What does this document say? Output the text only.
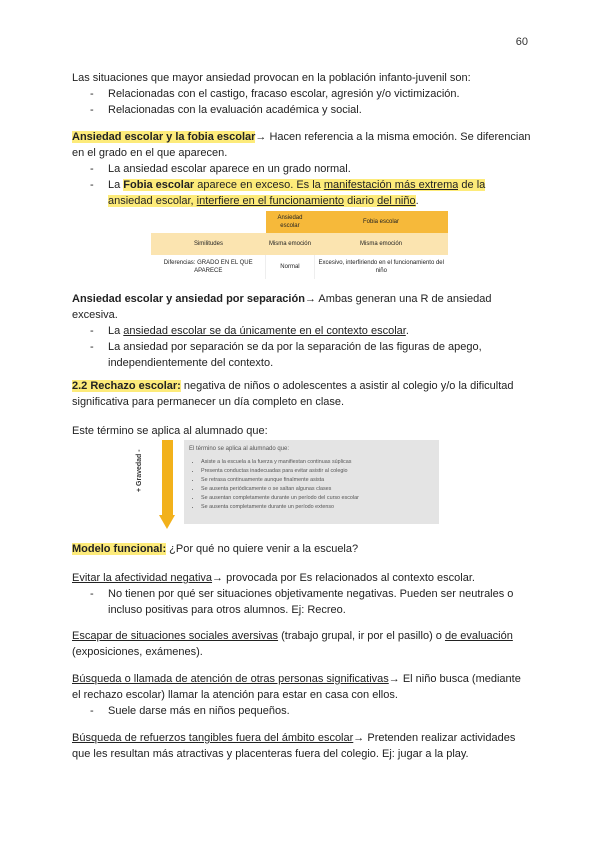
60
Las situaciones que mayor ansiedad provocan en la población infanto-juvenil son:
- Relacionadas con el castigo, fracaso escolar, agresión y/o victimización.
- Relacionadas con la evaluación académica y social.
Ansiedad escolar y la fobia escolar→ Hacen referencia a la misma emoción. Se diferencian en el grado en el que aparecen.
- La ansiedad escolar aparece en un grado normal.
- La Fobia escolar aparece en exceso. Es la manifestación más extrema de la ansiedad escolar, interfiere en el funcionamiento diario del niño.
	Ansiedad escolar	Fobia escolar
Similitudes	Misma emoción	Misma emoción
Diferencias: GRADO EN EL QUE APARECE	Normal	Excesivo, interfiriendo en el funcionamiento del niño
Ansiedad escolar y ansiedad por separación→ Ambas generan una R de ansiedad excesiva.
- La ansiedad escolar se da únicamente en el contexto escolar.
- La ansiedad por separación se da por la separación de las figuras de apego, independientemente del contexto.
2.2 Rechazo escolar: negativa de niños o adolescentes a asistir al colegio y/o la dificultad significativa para permanecer un día completo en clase.
Este término se aplica al alumnado que:
+ Gravedad -
El término se aplica al alumnado que:
• Asiste a la escuela a la fuerza y manifiestan continuas súplicas
• Presenta conductas inadecuadas para evitar asistir al colegio
• Se retrasa continuamente aunque finalmente asista
• Se ausenta periódicamente o se saltan algunas clases
• Se ausentan completamente durante un período del curso escolar
• Se ausenta completamente durante un período extenso
Modelo funcional: ¿Por qué no quiere venir a la escuela?
Evitar la afectividad negativa→ provocada por Es relacionados al contexto escolar.
- No tienen por qué ser situaciones objetivamente negativas. Pueden ser neutrales o incluso positivas para otros alumnos. Ej: Recreo.
Escapar de situaciones sociales aversivas (trabajo grupal, ir por el pasillo) o de evaluación (exposiciones, exámenes).
Búsqueda o llamada de atención de otras personas significativas→ El niño busca (mediante el rechazo escolar) llamar la atención para estar en casa con ellos.
- Suele darse más en niños pequeños.
Búsqueda de refuerzos tangibles fuera del ámbito escolar→ Pretenden realizar actividades que les resultan más atractivas y placenteras fuera del colegio. Ej: jugar a la play.
